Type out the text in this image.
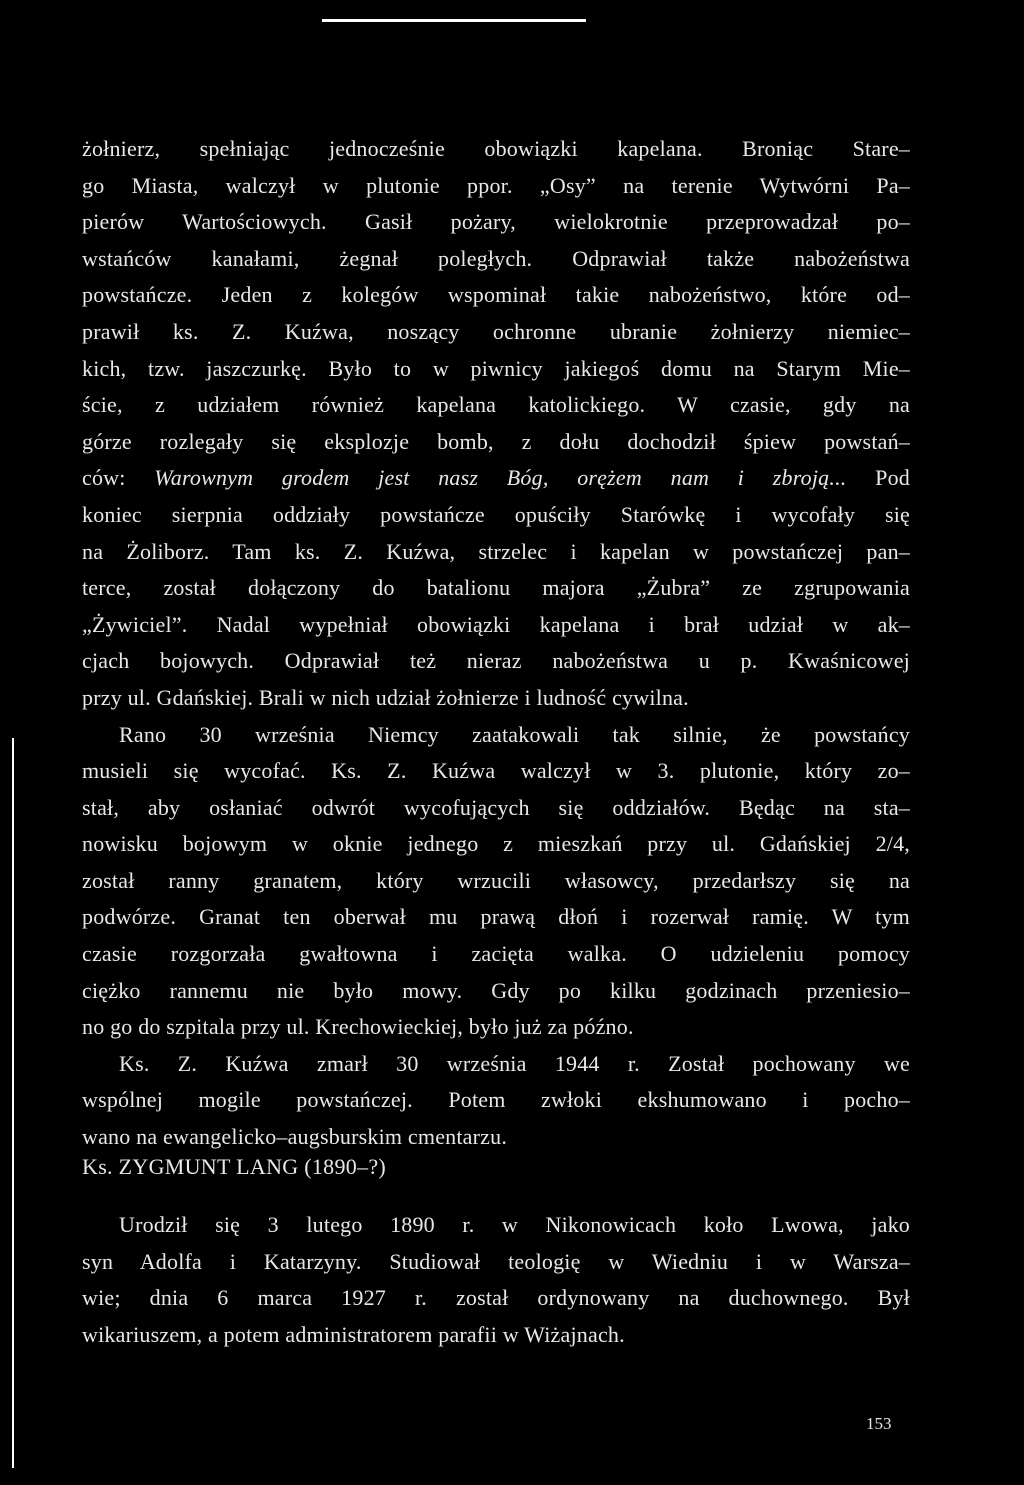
żołnierz, spełniając jednocześnie obowiązki kapelana. Broniąc Stare–
go Miasta, walczył w plutonie ppor. „Osy” na terenie Wytwórni Pa–
pierów Wartościowych. Gasił pożary, wielokrotnie przeprowadzał po–
wstańców kanałami, żegnał poległych. Odprawiał także nabożeństwa
powstańcze. Jeden z kolegów wspominał takie nabożeństwo, które od–
prawił ks. Z. Kuźwa, noszący ochronne ubranie żołnierzy niemiec–
kich, tzw. jaszczurkę. Było to w piwnicy jakiegoś domu na Starym Mie–
ście, z udziałem również kapelana katolickiego. W czasie, gdy na
górze rozlegały się eksplozje bomb, z dołu dochodził śpiew powstań–
ców: Warownym grodem jest nasz Bóg, orężem nam i zbroją... Pod
koniec sierpnia oddziały powstańcze opuściły Starówkę i wycofały się
na Żoliborz. Tam ks. Z. Kuźwa, strzelec i kapelan w powstańczej pan–
terce, został dołączony do batalionu majora „Żubra” ze zgrupowania
„Żywiciel”. Nadal wypełniał obowiązki kapelana i brał udział w ak–
cjach bojowych. Odprawiał też nieraz nabożeństwa u p. Kwaśnicowej
przy ul. Gdańskiej. Brali w nich udział żołnierze i ludność cywilna.
Rano 30 września Niemcy zaatakowali tak silnie, że powstańcy
musieli się wycofać. Ks. Z. Kuźwa walczył w 3. plutonie, który zo–
stał, aby osłaniać odwrót wycofujących się oddziałów. Będąc na sta–
nowisku bojowym w oknie jednego z mieszkań przy ul. Gdańskiej 2/4,
został ranny granatem, który wrzucili własowcy, przedarłszy się na
podwórze. Granat ten oberwał mu prawą dłoń i rozerwał ramię. W tym
czasie rozgorzała gwałtowna i zacięta walka. O udzieleniu pomocy
ciężko rannemu nie było mowy. Gdy po kilku godzinach przeniesio–
no go do szpitala przy ul. Krechowieckiej, było już za późno.
Ks. Z. Kuźwa zmarł 30 września 1944 r. Został pochowany we
wspólnej mogile powstańczej. Potem zwłoki ekshumowano i pocho–
wano na ewangelicko–augsburskim cmentarzu.
Ks. ZYGMUNT LANG (1890–?)
Urodził się 3 lutego 1890 r. w Nikonowicach koło Lwowa, jako
syn Adolfa i Katarzyny. Studiował teologię w Wiedniu i w Warsza–
wie; dnia 6 marca 1927 r. został ordynowany na duchownego. Był
wikariuszem, a potem administratorem parafii w Wiżajnach.
153
